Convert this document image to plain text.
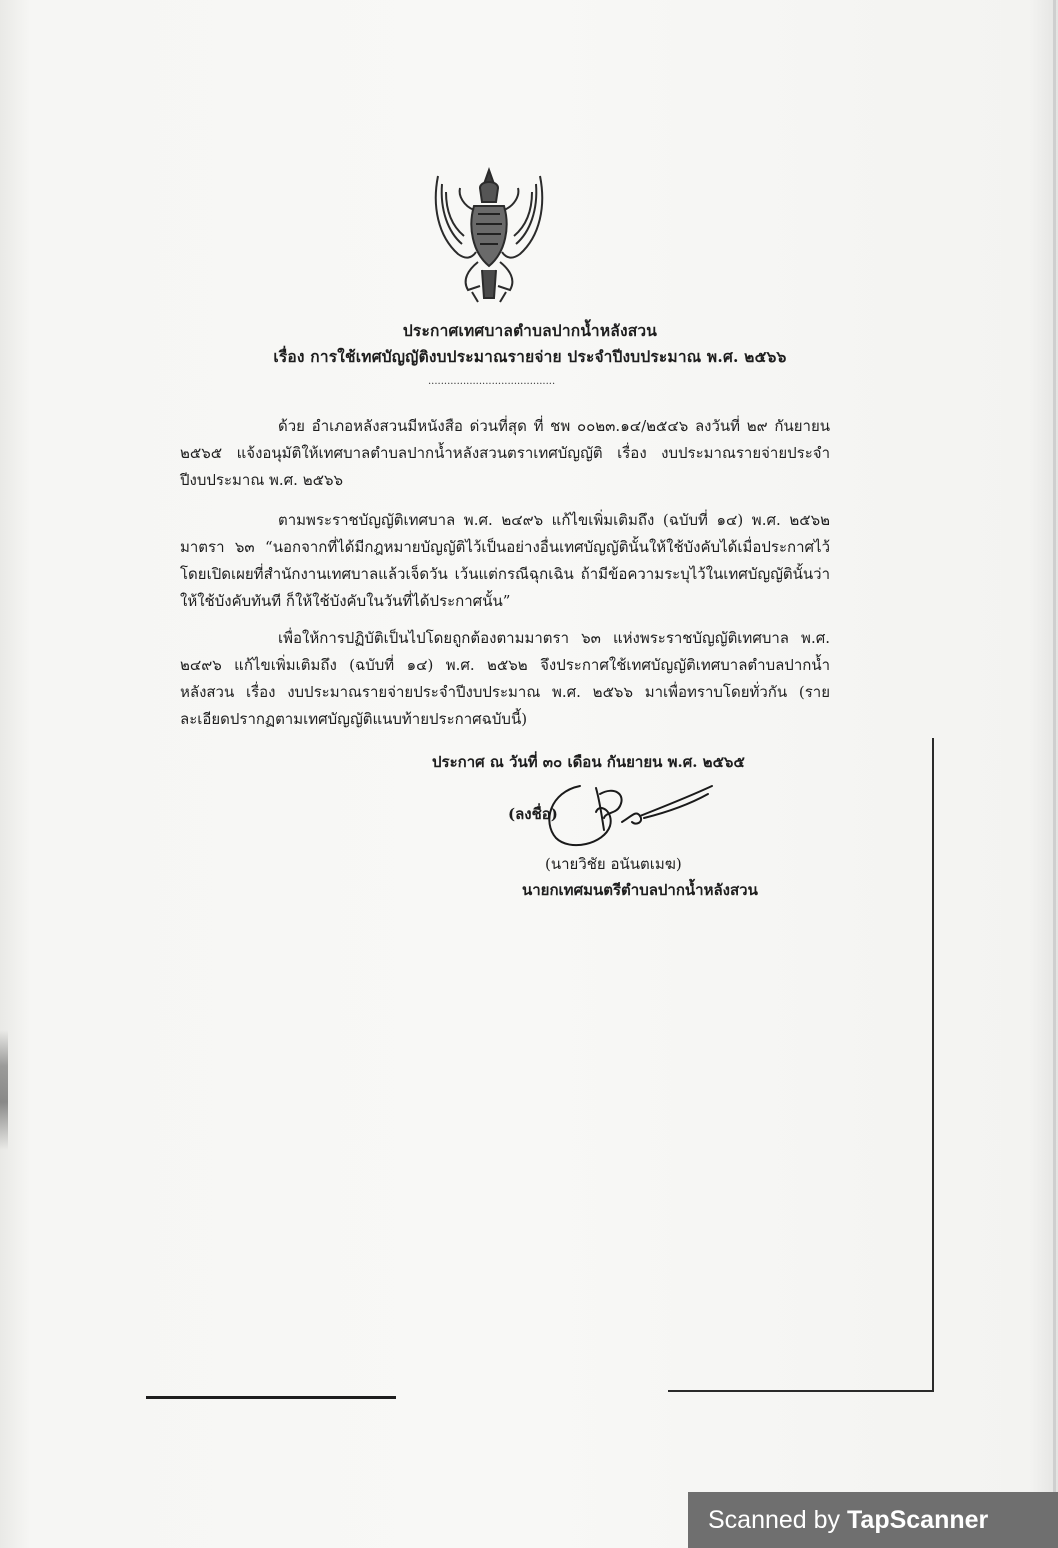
ประกาศเทศบาลตำบลปากน้ำหลังสวน
เรื่อง การใช้เทศบัญญัติงบประมาณรายจ่าย ประจำปีงบประมาณ พ.ศ. ๒๕๖๖
........................................
ด้วย อำเภอหลังสวนมีหนังสือ ด่วนที่สุด ที่ ชพ ๐๐๒๓.๑๔/๒๕๔๖ ลงวันที่ ๒๙ กันยายน ๒๕๖๕ แจ้งอนุมัติให้เทศบาลตำบลปากน้ำหลังสวนตราเทศบัญญัติ เรื่อง งบประมาณรายจ่ายประจำปีงบประมาณ พ.ศ. ๒๕๖๖
ตามพระราชบัญญัติเทศบาล พ.ศ. ๒๔๙๖ แก้ไขเพิ่มเติมถึง (ฉบับที่ ๑๔) พ.ศ. ๒๕๖๒ มาตรา ๖๓ “นอกจากที่ได้มีกฎหมายบัญญัติไว้เป็นอย่างอื่นเทศบัญญัตินั้นให้ใช้บังคับได้เมื่อประกาศไว้โดยเปิดเผยที่สำนักงานเทศบาลแล้วเจ็ดวัน เว้นแต่กรณีฉุกเฉิน ถ้ามีข้อความระบุไว้ในเทศบัญญัตินั้นว่าให้ใช้บังคับทันที ก็ให้ใช้บังคับในวันที่ได้ประกาศนั้น”
เพื่อให้การปฏิบัติเป็นไปโดยถูกต้องตามมาตรา ๖๓ แห่งพระราชบัญญัติเทศบาล พ.ศ. ๒๔๙๖ แก้ไขเพิ่มเติมถึง (ฉบับที่ ๑๔) พ.ศ. ๒๕๖๒ จึงประกาศใช้เทศบัญญัติเทศบาลตำบลปากน้ำหลังสวน เรื่อง งบประมาณรายจ่ายประจำปีงบประมาณ พ.ศ. ๒๕๖๖ มาเพื่อทราบโดยทั่วกัน (รายละเอียดปรากฏตามเทศบัญญัติแนบท้ายประกาศฉบับนี้)
ประกาศ ณ วันที่ ๓๐ เดือน กันยายน พ.ศ. ๒๕๖๕
(ลงชื่อ)
(นายวิชัย อนันตเมฆ)
นายกเทศมนตรีตำบลปากน้ำหลังสวน
Scanned by TapScanner
